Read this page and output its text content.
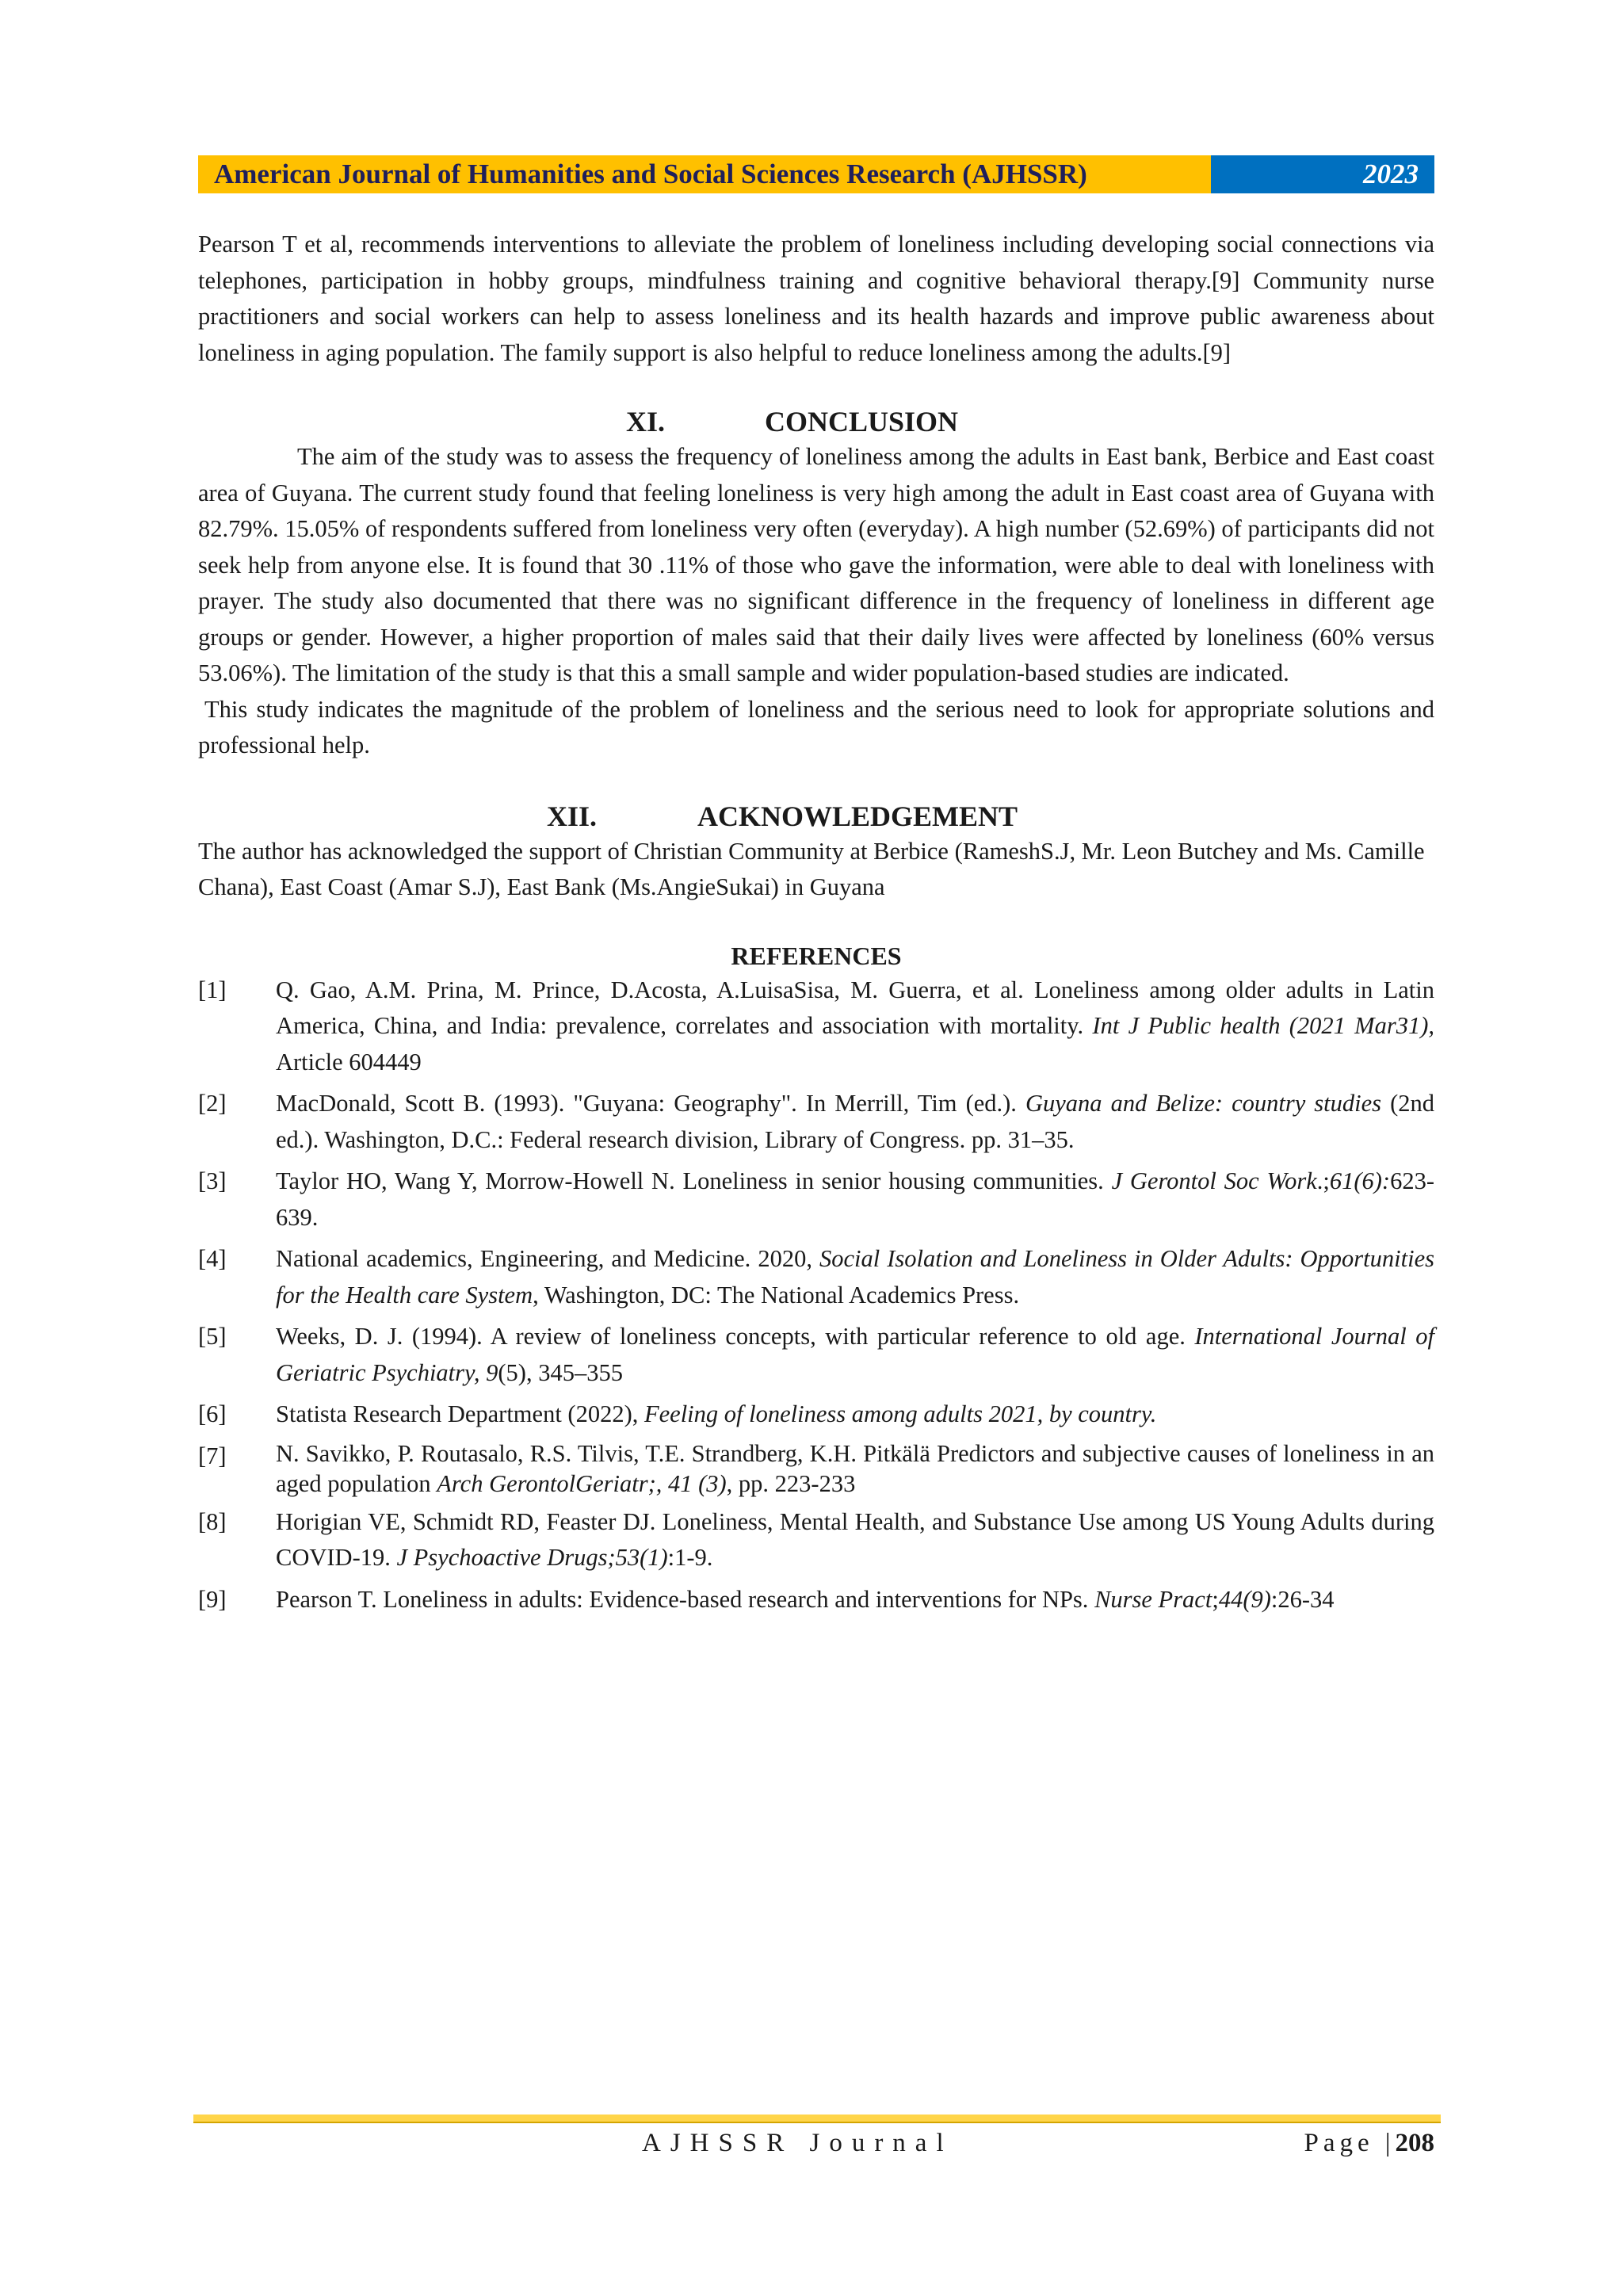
American Journal of Humanities and Social Sciences Research (AJHSSR)	2023

Pearson T et al, recommends interventions to alleviate the problem of loneliness including developing social connections via telephones, participation in hobby groups, mindfulness training and cognitive behavioral therapy.[9] Community nurse practitioners and social workers can help to assess loneliness and its health hazards and improve public awareness about loneliness in aging population. The family support is also helpful to reduce loneliness among the adults.[9]

XI.	CONCLUSION

The aim of the study was to assess the frequency of loneliness among the adults in East bank, Berbice and East coast area of Guyana. The current study found that feeling loneliness is very high among the adult in East coast area of Guyana with 82.79%. 15.05% of respondents suffered from loneliness very often (everyday). A high number (52.69%) of participants did not seek help from anyone else. It is found that 30 .11% of those who gave the information, were able to deal with loneliness with prayer. The study also documented that there was no significant difference in the frequency of loneliness in different age groups or gender. However, a higher proportion of males said that their daily lives were affected by loneliness (60% versus 53.06%). The limitation of the study is that this a small sample and wider population-based studies are indicated.

This study indicates the magnitude of the problem of loneliness and the serious need to look for appropriate solutions and professional help.

XII.	ACKNOWLEDGEMENT

The author has acknowledged the support of Christian Community at Berbice (RameshS.J, Mr. Leon Butchey and Ms. Camille Chana), East Coast (Amar S.J), East Bank (Ms.AngieSukai) in Guyana

REFERENCES
[1]	Q. Gao, A.M. Prina, M. Prince, D.Acosta, A.LuisaSisa, M. Guerra, et al. Loneliness among older adults in Latin America, China, and India: prevalence, correlates and association with mortality. Int J Public health (2021 Mar31), Article 604449
[2]	MacDonald, Scott B. (1993). "Guyana: Geography". In Merrill, Tim (ed.). Guyana and Belize: country studies (2nd ed.). Washington, D.C.: Federal research division, Library of Congress. pp. 31–35.
[3]	Taylor HO, Wang Y, Morrow-Howell N. Loneliness in senior housing communities. J Gerontol Soc Work.;61(6):623-639.
[4]	National academics, Engineering, and Medicine. 2020, Social Isolation and Loneliness in Older Adults: Opportunities for the Health care System, Washington, DC: The National Academics Press.
[5]	Weeks, D. J. (1994). A review of loneliness concepts, with particular reference to old age. International Journal of Geriatric Psychiatry, 9(5), 345–355
[6]	Statista Research Department (2022), Feeling of loneliness among adults 2021, by country.
[7]	N. Savikko, P. Routasalo, R.S. Tilvis, T.E. Strandberg, K.H. Pitkälä Predictors and subjective causes of loneliness in an aged population Arch GerontolGeriatr;, 41 (3), pp. 223-233
[8]	Horigian VE, Schmidt RD, Feaster DJ. Loneliness, Mental Health, and Substance Use among US Young Adults during COVID-19. J Psychoactive Drugs;53(1):1-9.
[9]	Pearson T. Loneliness in adults: Evidence-based research and interventions for NPs. Nurse Pract;44(9):26-34
AJHSSR Journal	Page |208
